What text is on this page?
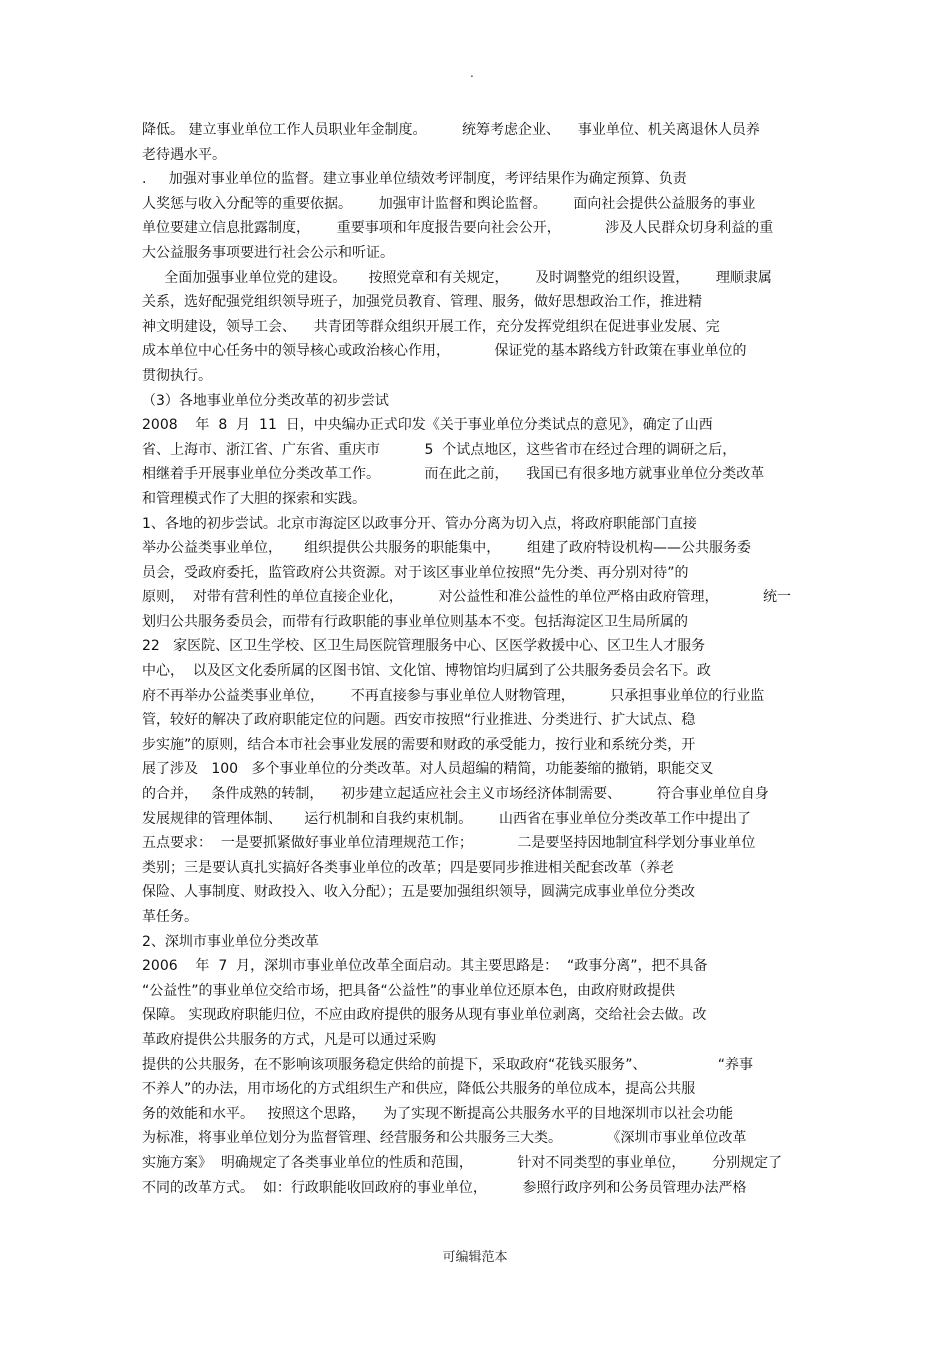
.
降低。 建立事业单位工作人员职业年金制度。        统筹考虑企业、    事业单位、机关离退休人员养
老待遇水平。
.     加强对事业单位的监督。建立事业单位绩效考评制度，考评结果作为确定预算、负责
人奖惩与收入分配等的重要依据。      加强审计监督和舆论监督。      面向社会提供公益服务的事业
单位要建立信息批露制度，      重要事项和年度报告要向社会公开，          涉及人民群众切身利益的重
大公益服务事项要进行社会公示和听证。
全面加强事业单位党的建设。     按照党章和有关规定，      及时调整党的组织设置，      理顺隶属
关系，选好配强党组织领导班子，加强党员教育、管理、服务，做好思想政治工作，推进精
神文明建设，领导工会、    共青团等群众组织开展工作，充分发挥党组织在促进事业发展、完
成本单位中心任务中的领导核心或政治核心作用，          保证党的基本路线方针政策在事业单位的
贯彻执行。
（3）各地事业单位分类改革的初步尝试
2008    年  8  月  11  日，中央编办正式印发《关于事业单位分类试点的意见》，确定了山西
省、上海市、浙江省、广东省、重庆市          5  个试点地区，这些省市在经过合理的调研之后，
相继着手开展事业单位分类改革工作。          而在此之前，    我国已有很多地方就事业单位分类改革
和管理模式作了大胆的探索和实践。
1、各地的初步尝试。北京市海淀区以政事分开、管办分离为切入点，将政府职能部门直接
举办公益类事业单位，     组织提供公共服务的职能集中，      组建了政府特设机构——公共服务委
员会，受政府委托，监管政府公共资源。对于该区事业单位按照“先分类、再分别对待”的
原则，  对带有营利性的单位直接企业化，        对公益性和准公益性的单位严格由政府管理，          统一
划归公共服务委员会，而带有行政职能的事业单位则基本不变。包括海淀区卫生局所属的
22   家医院、区卫生学校、区卫生局医院管理服务中心、区医学救援中心、区卫生人才服务
中心，  以及区文化委所属的区图书馆、文化馆、博物馆均归属到了公共服务委员会名下。政
府不再举办公益类事业单位，      不再直接参与事业单位人财物管理，        只承担事业单位的行业监
管，较好的解决了政府职能定位的问题。西安市按照“行业推进、分类进行、扩大试点、稳
步实施”的原则，结合本市社会事业发展的需要和财政的承受能力，按行业和系统分类，开
展了涉及   100   多个事业单位的分类改革。对人员超编的精简，功能萎缩的撤销，职能交叉
的合并，   条件成熟的转制，    初步建立起适应社会主义市场经济体制需要、        符合事业单位自身
发展规律的管理体制、     运行机制和自我约束机制。      山西省在事业单位分类改革工作中提出了
五点要求：  一是要抓紧做好事业单位清理规范工作；          二是要坚持因地制宜科学划分事业单位
类别；三是要认真扎实搞好各类事业单位的改革；四是要同步推进相关配套改革（养老
保险、人事制度、财政投入、收入分配）；五是要加强组织领导，圆满完成事业单位分类改
革任务。
2、深圳市事业单位分类改革
2006    年  7  月，深圳市事业单位改革全面启动。其主要思路是：  “政事分离”，把不具备
“公益性”的事业单位交给市场，把具备“公益性”的事业单位还原本色，由政府财政提供
保障。 实现政府职能归位，不应由政府提供的服务从现有事业单位剥离，交给社会去做。改
革政府提供公共服务的方式，凡是可以通过采购
提供的公共服务，在不影响该项服务稳定供给的前提下，采取政府“花钱买服务”、                “养事
不养人”的办法，用市场化的方式组织生产和供应，降低公共服务的单位成本，提高公共服
务的效能和水平。   按照这个思路，    为了实现不断提高公共服务水平的目地深圳市以社会功能
为标准，将事业单位划分为监督管理、经营服务和公共服务三大类。          《深圳市事业单位改革
实施方案》  明确规定了各类事业单位的性质和范围，          针对不同类型的事业单位，      分别规定了
不同的改革方式。  如：行政职能收回政府的事业单位，        参照行政序列和公务员管理办法严格
可编辑范本
